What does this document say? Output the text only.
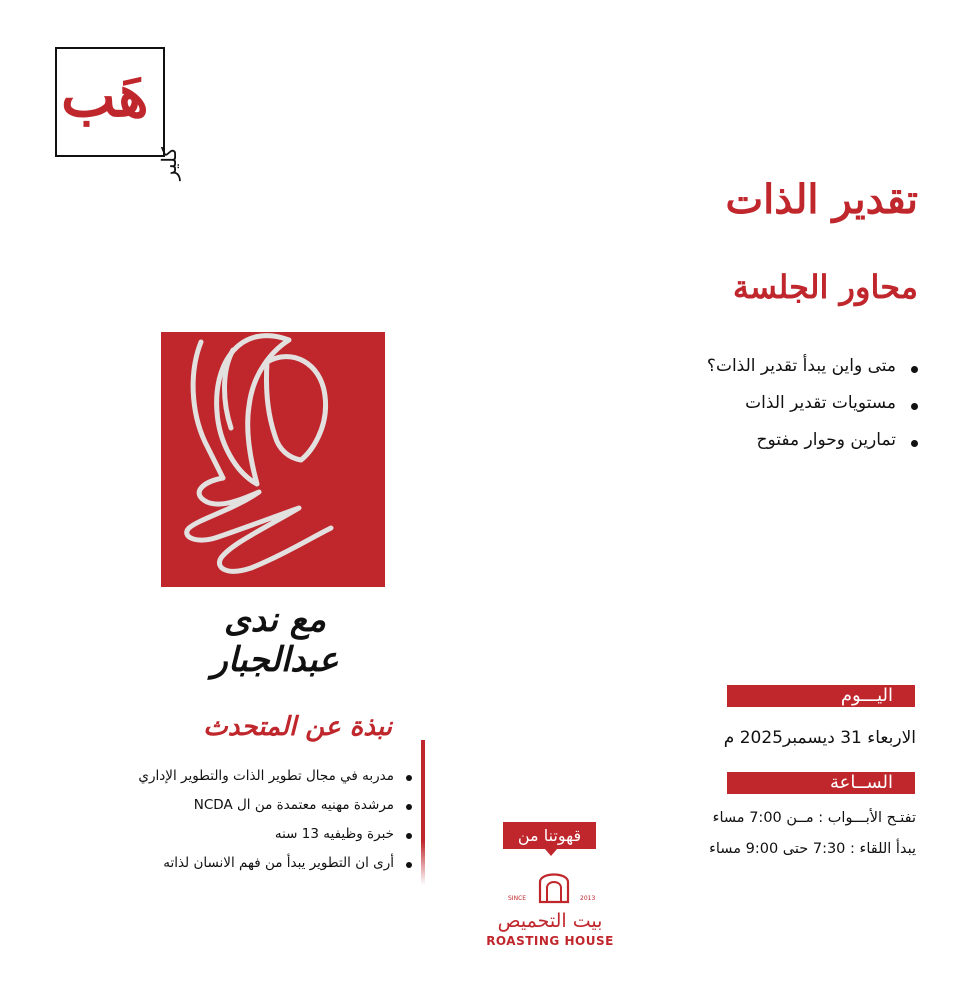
هَب
كلير
تقدير الذات
محاور الجلسة
متى واين يبدأ تقدير الذات؟
مستويات تقدير الذات
تمارين وحوار مفتوح
مع ندى عبدالجبار
نبذة عن المتحدث
مدربه في مجال تطوير الذات والتطوير الإداري
مرشدة مهنيه معتمدة من ال NCDA
خبرة وظيفيه 13 سنه
أرى ان التطوير يبدأ من فهم الانسان لذاته
قهوتنا من
SINCE	2013
بيت التحميص
ROASTING HOUSE
اليـــوم
الاربعاء 31 ديسمبر2025 م
الســاعة
تفتـح الأبـــواب : مــن 7:00 مساء
يبدأ اللقاء : 7:30 حتى 9:00 مساء
